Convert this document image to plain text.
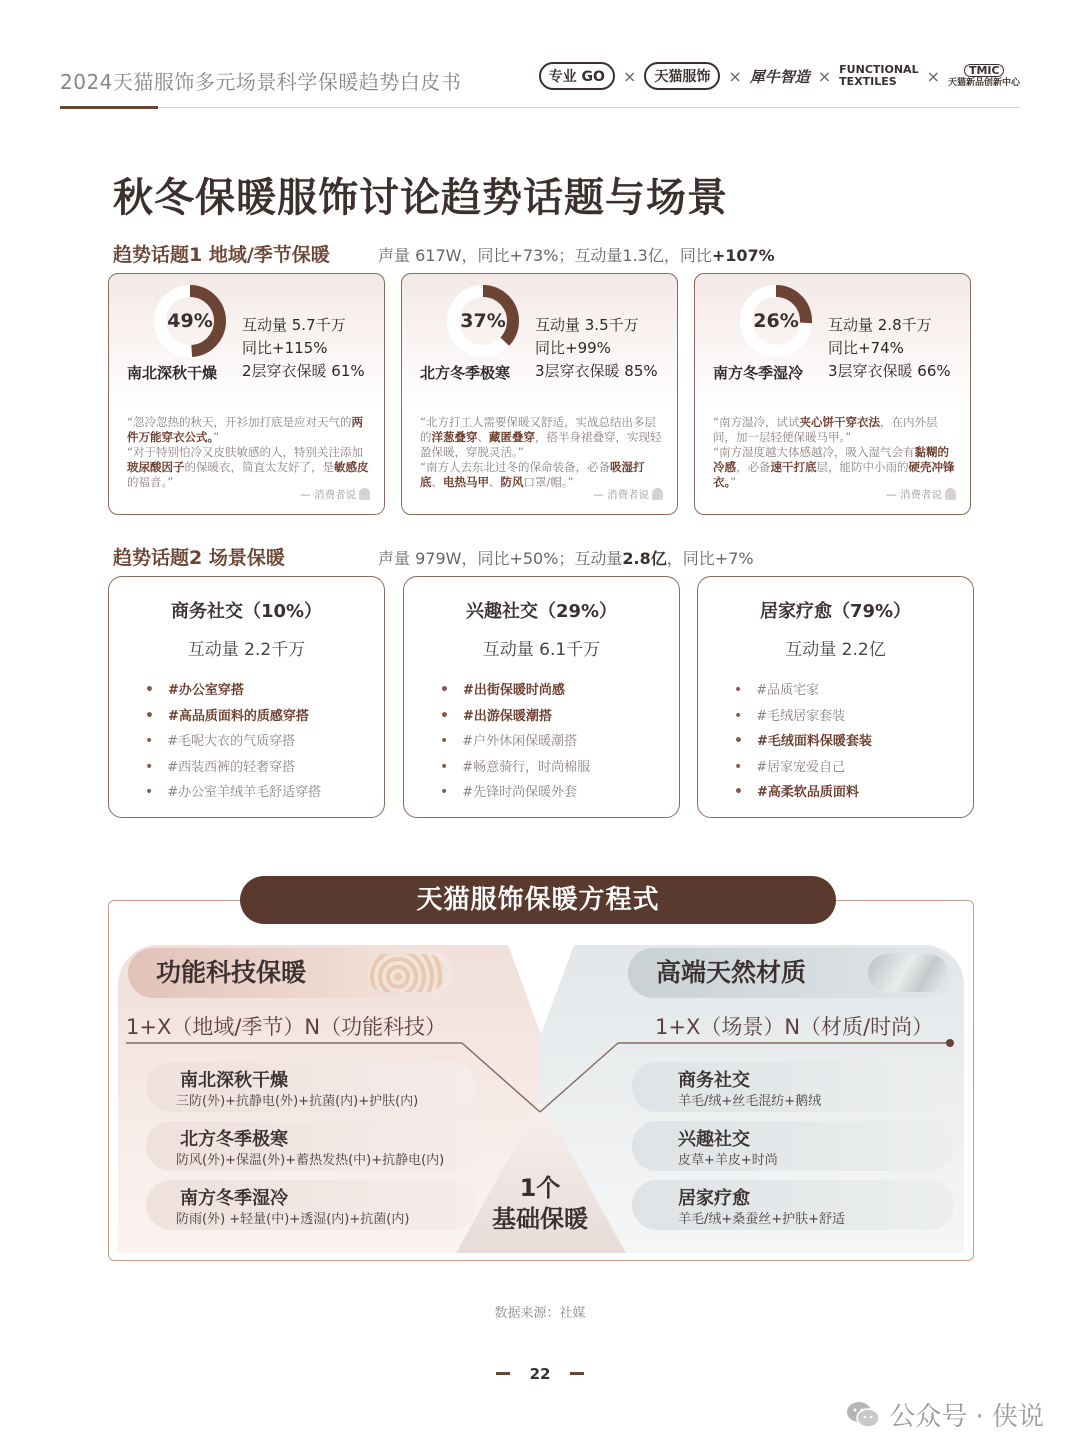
2024天猫服饰多元场景科学保暖趋势白皮书	专业 GO	×	天猫服饰	× 犀牛智造 × FUNCTIONAL
TEXTILES	×	TMIC
天猫新品创新中心
秋冬保暖服饰讨论趋势话题与场景
趋势话题1 地域/季节保暖	声量 617W，同比+73%；互动量1.3亿，同比+107%
49%
南北深秋干燥
互动量 5.7千万
同比+115%
2层穿衣保暖 61%
“忽冷忽热的秋天，开衫加打底是应对天气的两件万能穿衣公式。”
“对于特别怕冷又皮肤敏感的人，特别关注添加玻尿酸因子的保暖衣，简直太友好了，是敏感皮的福音。”
— 消费者说
37%
北方冬季极寒
互动量 3.5千万
同比+99%
3层穿衣保暖 85%
“北方打工人需要保暖又舒适，实战总结出多层的洋葱叠穿、藏匿叠穿，搭半身裙叠穿，实现轻盈保暖，穿脱灵活。”
“南方人去东北过冬的保命装备，必备吸湿打底、电热马甲、防风口罩/帽。”
— 消费者说
26%
南方冬季湿冷
互动量 2.8千万
同比+74%
3层穿衣保暖 66%
“南方湿冷，试试夹心饼干穿衣法，在内外层间，加一层轻便保暖马甲。”
“南方湿度越大体感越冷，吸入湿气会有黏糊的冷感，必备速干打底层，能防中小雨的硬壳冲锋衣。”
— 消费者说
趋势话题2 场景保暖	声量 979W，同比+50%；互动量2.8亿，同比+7%
商务社交（10%）
互动量 2.2千万
• #办公室穿搭
• #高品质面料的质感穿搭
• #毛呢大衣的气质穿搭
• #西装西裤的轻奢穿搭
• #办公室羊绒羊毛舒适穿搭
兴趣社交（29%）
互动量 6.1千万
• #出街保暖时尚感
• #出游保暖潮搭
• #户外休闲保暖潮搭
• #畅意骑行，时尚棉服
• #先锋时尚保暖外套
居家疗愈（79%）
互动量 2.2亿
• #品质宅家
• #毛绒居家套装
• #毛绒面料保暖套装
• #居家宠爱自己
• #高柔软品质面料
天猫服饰保暖方程式
功能科技保暖	高端天然材质
1+X（地域/季节）N（功能科技）	1+X（场景）N（材质/时尚）
南北深秋干燥
三防(外)+抗静电(外)+抗菌(内)+护肤(内)
北方冬季极寒
防风(外)+保温(外)+蓄热发热(中)+抗静电(内)
南方冬季湿冷
防雨(外) +轻量(中)+透湿(内)+抗菌(内)
商务社交
羊毛/绒+丝毛混纺+鹅绒
兴趣社交
皮草+羊皮+时尚
居家疗愈
羊毛/绒+桑蚕丝+护肤+舒适
1个
基础保暖
数据来源：社媒
22
公众号 · 侠说
